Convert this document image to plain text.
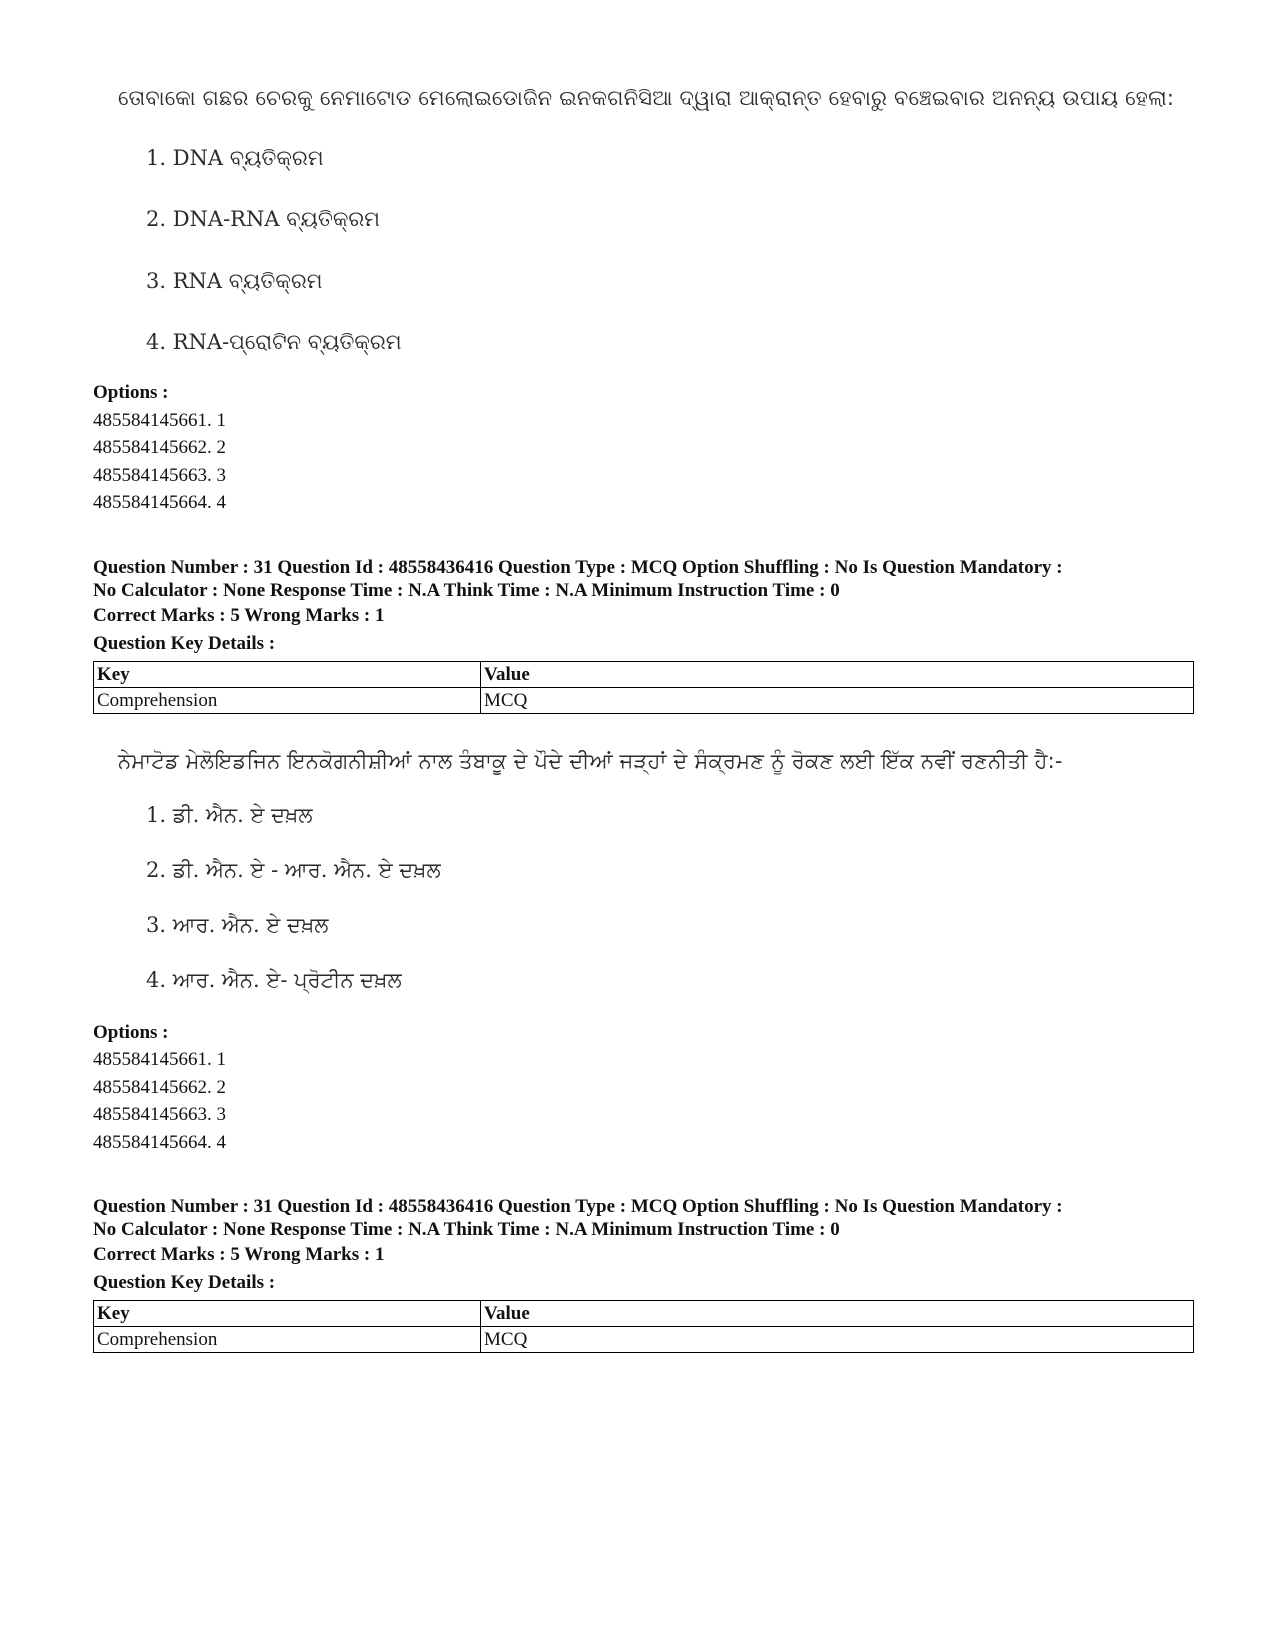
ତୋବାକୋ ଗଛର ଚେରକୁ ନେମାଟୋଡ ମେଲୋଇଡୋଜିନ ଇନକଗନିସିଆ ଦ୍ୱାରା ଆକ୍ରାନ୍ତ ହେବାରୁ ବଞ୍ଚେଇବାର ଅନନ୍ୟ ଉପାୟ ହେଲା:
1. DNA ବ୍ୟତିକ୍ରମ
2. DNA-RNA ବ୍ୟତିକ୍ରମ
3. RNA ବ୍ୟତିକ୍ରମ
4. RNA-ପ୍ରୋଟିନ ବ୍ୟତିକ୍ରମ
Options :
485584145661. 1
485584145662. 2
485584145663. 3
485584145664. 4
Question Number : 31 Question Id : 48558436416 Question Type : MCQ Option Shuffling : No Is Question Mandatory :
No Calculator : None Response Time : N.A Think Time : N.A Minimum Instruction Time : 0
Correct Marks : 5 Wrong Marks : 1
Question Key Details :
Key	Value
Comprehension	MCQ
ਨੇਮਾਟੋਡ ਮੇਲੋਇਡਜਿਨ ਇਨਕੋਗਨੀਸ਼ੀਆਂ ਨਾਲ ਤੰਬਾਕੂ ਦੇ ਪੌਦੇ ਦੀਆਂ ਜੜ੍ਹਾਂ ਦੇ ਸੰਕ੍ਰਮਣ ਨੂੰ ਰੋਕਣ ਲਈ ਇੱਕ ਨਵੀਂ ਰਣਨੀਤੀ ਹੈ:-
1. ਡੀ. ਐਨ. ਏ ਦਖ਼ਲ
2. ਡੀ. ਐਨ. ਏ - ਆਰ. ਐਨ. ਏ ਦਖ਼ਲ
3. ਆਰ. ਐਨ. ਏ ਦਖ਼ਲ
4. ਆਰ. ਐਨ. ਏ- ਪ੍ਰੋਟੀਨ ਦਖ਼ਲ
Options :
485584145661. 1
485584145662. 2
485584145663. 3
485584145664. 4
Question Number : 31 Question Id : 48558436416 Question Type : MCQ Option Shuffling : No Is Question Mandatory :
No Calculator : None Response Time : N.A Think Time : N.A Minimum Instruction Time : 0
Correct Marks : 5 Wrong Marks : 1
Question Key Details :
Key	Value
Comprehension	MCQ
